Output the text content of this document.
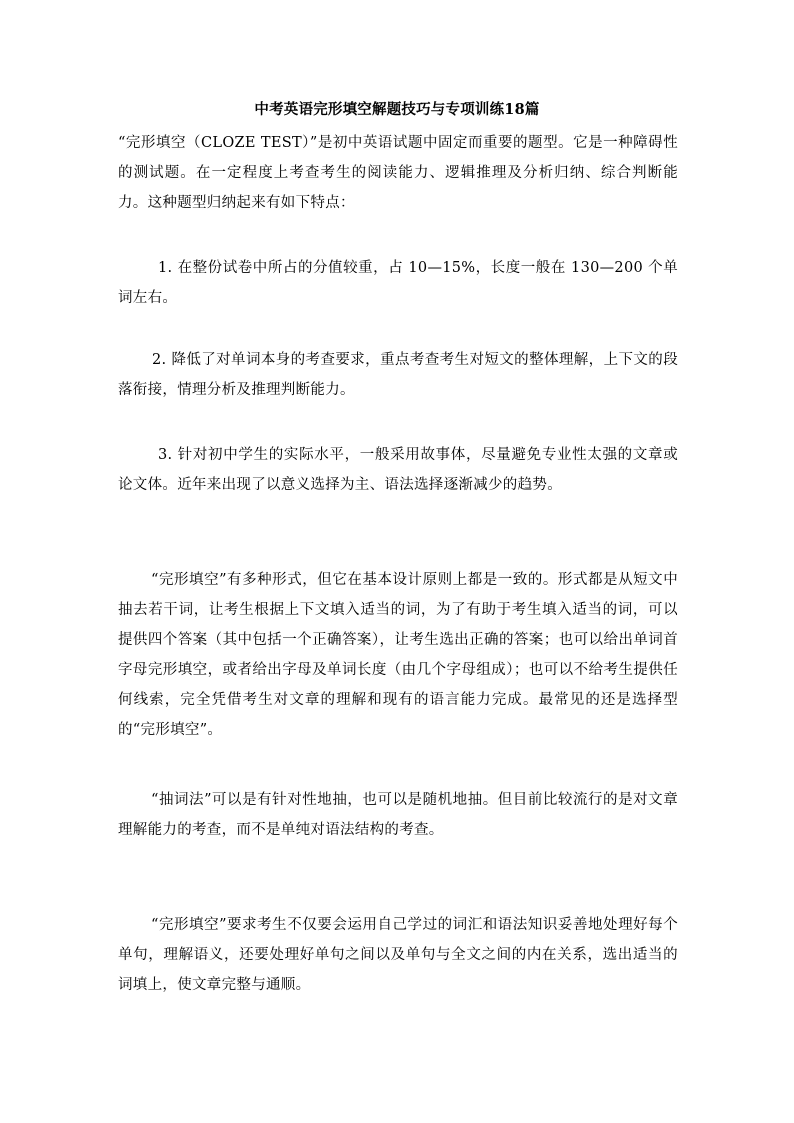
中考英语完形填空解题技巧与专项训练18篇
“完形填空（CLOZE TEST）”是初中英语试题中固定而重要的题型。它是一种障碍性的测试题。在一定程度上考查考生的阅读能力、逻辑推理及分析归纳、综合判断能力。这种题型归纳起来有如下特点：
1. 在整份试卷中所占的分值较重，占 10—15%，长度一般在 130—200 个单词左右。
2. 降低了对单词本身的考查要求，重点考查考生对短文的整体理解，上下文的段落衔接，情理分析及推理判断能力。
3. 针对初中学生的实际水平，一般采用故事体，尽量避免专业性太强的文章或论文体。近年来出现了以意义选择为主、语法选择逐渐减少的趋势。
“完形填空”有多种形式，但它在基本设计原则上都是一致的。形式都是从短文中抽去若干词，让考生根据上下文填入适当的词，为了有助于考生填入适当的词，可以提供四个答案（其中包括一个正确答案），让考生选出正确的答案；也可以给出单词首字母完形填空，或者给出字母及单词长度（由几个字母组成）；也可以不给考生提供任何线索，完全凭借考生对文章的理解和现有的语言能力完成。最常见的还是选择型的“完形填空”。
“抽词法”可以是有针对性地抽，也可以是随机地抽。但目前比较流行的是对文章理解能力的考查，而不是单纯对语法结构的考查。
“完形填空”要求考生不仅要会运用自己学过的词汇和语法知识妥善地处理好每个单句，理解语义，还要处理好单句之间以及单句与全文之间的内在关系，选出适当的词填上，使文章完整与通顺。
